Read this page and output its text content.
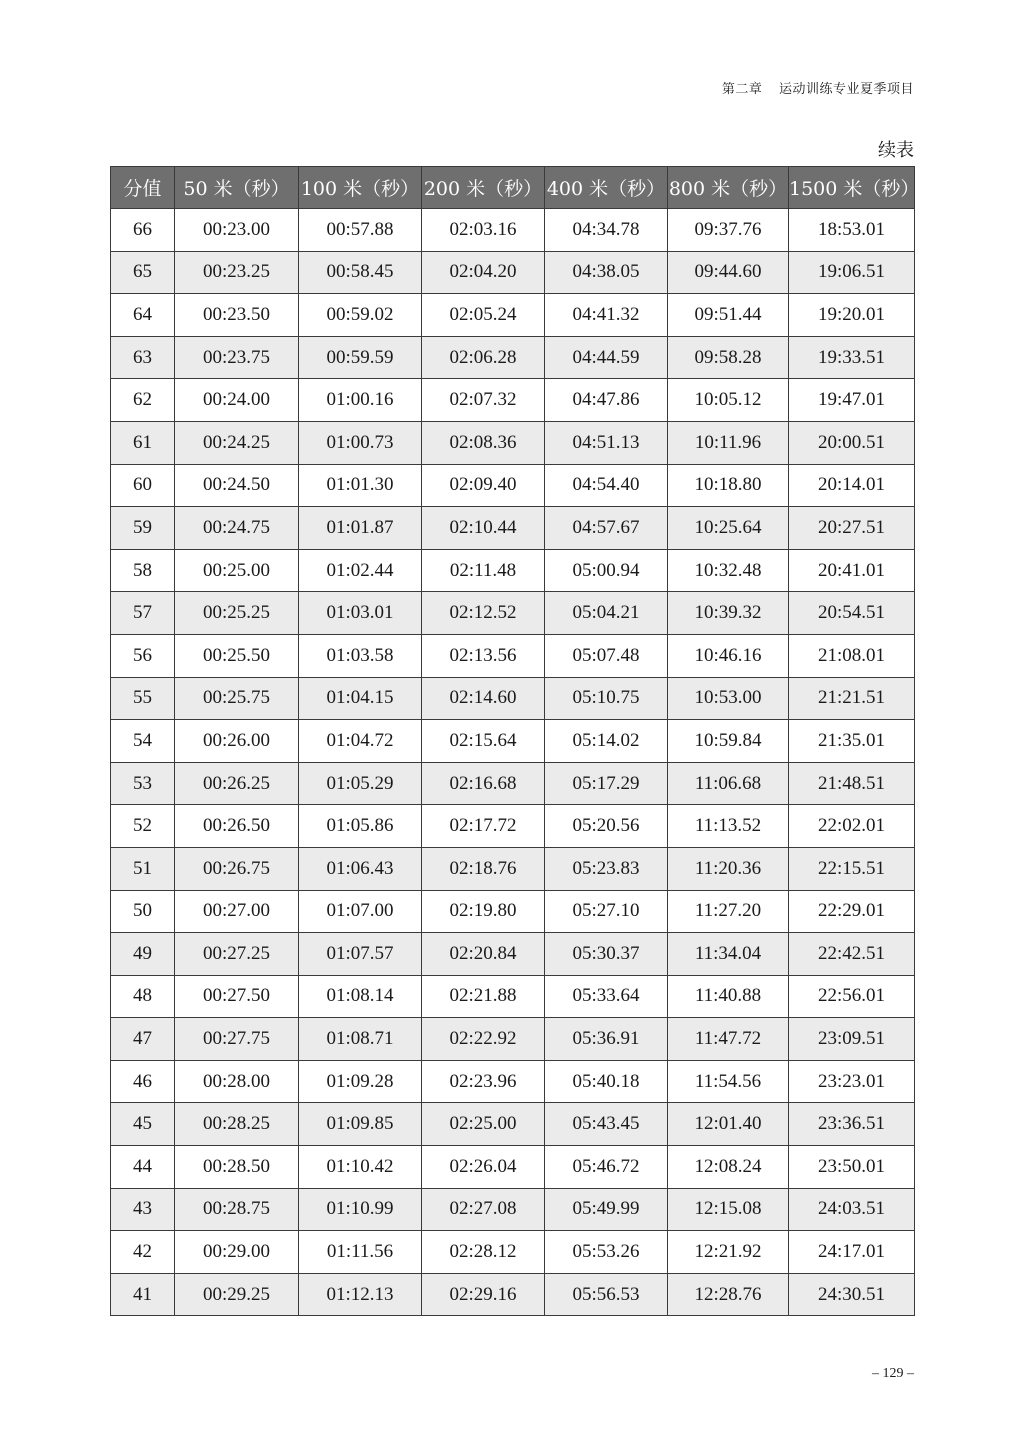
第二章 运动训练专业夏季项目
续表
分值	50 米（秒）	100 米（秒）	200 米（秒）	400 米（秒）	800 米（秒）	1500 米（秒）
66	00:23.00	00:57.88	02:03.16	04:34.78	09:37.76	18:53.01
65	00:23.25	00:58.45	02:04.20	04:38.05	09:44.60	19:06.51
64	00:23.50	00:59.02	02:05.24	04:41.32	09:51.44	19:20.01
63	00:23.75	00:59.59	02:06.28	04:44.59	09:58.28	19:33.51
62	00:24.00	01:00.16	02:07.32	04:47.86	10:05.12	19:47.01
61	00:24.25	01:00.73	02:08.36	04:51.13	10:11.96	20:00.51
60	00:24.50	01:01.30	02:09.40	04:54.40	10:18.80	20:14.01
59	00:24.75	01:01.87	02:10.44	04:57.67	10:25.64	20:27.51
58	00:25.00	01:02.44	02:11.48	05:00.94	10:32.48	20:41.01
57	00:25.25	01:03.01	02:12.52	05:04.21	10:39.32	20:54.51
56	00:25.50	01:03.58	02:13.56	05:07.48	10:46.16	21:08.01
55	00:25.75	01:04.15	02:14.60	05:10.75	10:53.00	21:21.51
54	00:26.00	01:04.72	02:15.64	05:14.02	10:59.84	21:35.01
53	00:26.25	01:05.29	02:16.68	05:17.29	11:06.68	21:48.51
52	00:26.50	01:05.86	02:17.72	05:20.56	11:13.52	22:02.01
51	00:26.75	01:06.43	02:18.76	05:23.83	11:20.36	22:15.51
50	00:27.00	01:07.00	02:19.80	05:27.10	11:27.20	22:29.01
49	00:27.25	01:07.57	02:20.84	05:30.37	11:34.04	22:42.51
48	00:27.50	01:08.14	02:21.88	05:33.64	11:40.88	22:56.01
47	00:27.75	01:08.71	02:22.92	05:36.91	11:47.72	23:09.51
46	00:28.00	01:09.28	02:23.96	05:40.18	11:54.56	23:23.01
45	00:28.25	01:09.85	02:25.00	05:43.45	12:01.40	23:36.51
44	00:28.50	01:10.42	02:26.04	05:46.72	12:08.24	23:50.01
43	00:28.75	01:10.99	02:27.08	05:49.99	12:15.08	24:03.51
42	00:29.00	01:11.56	02:28.12	05:53.26	12:21.92	24:17.01
41	00:29.25	01:12.13	02:29.16	05:56.53	12:28.76	24:30.51
– 129 –
